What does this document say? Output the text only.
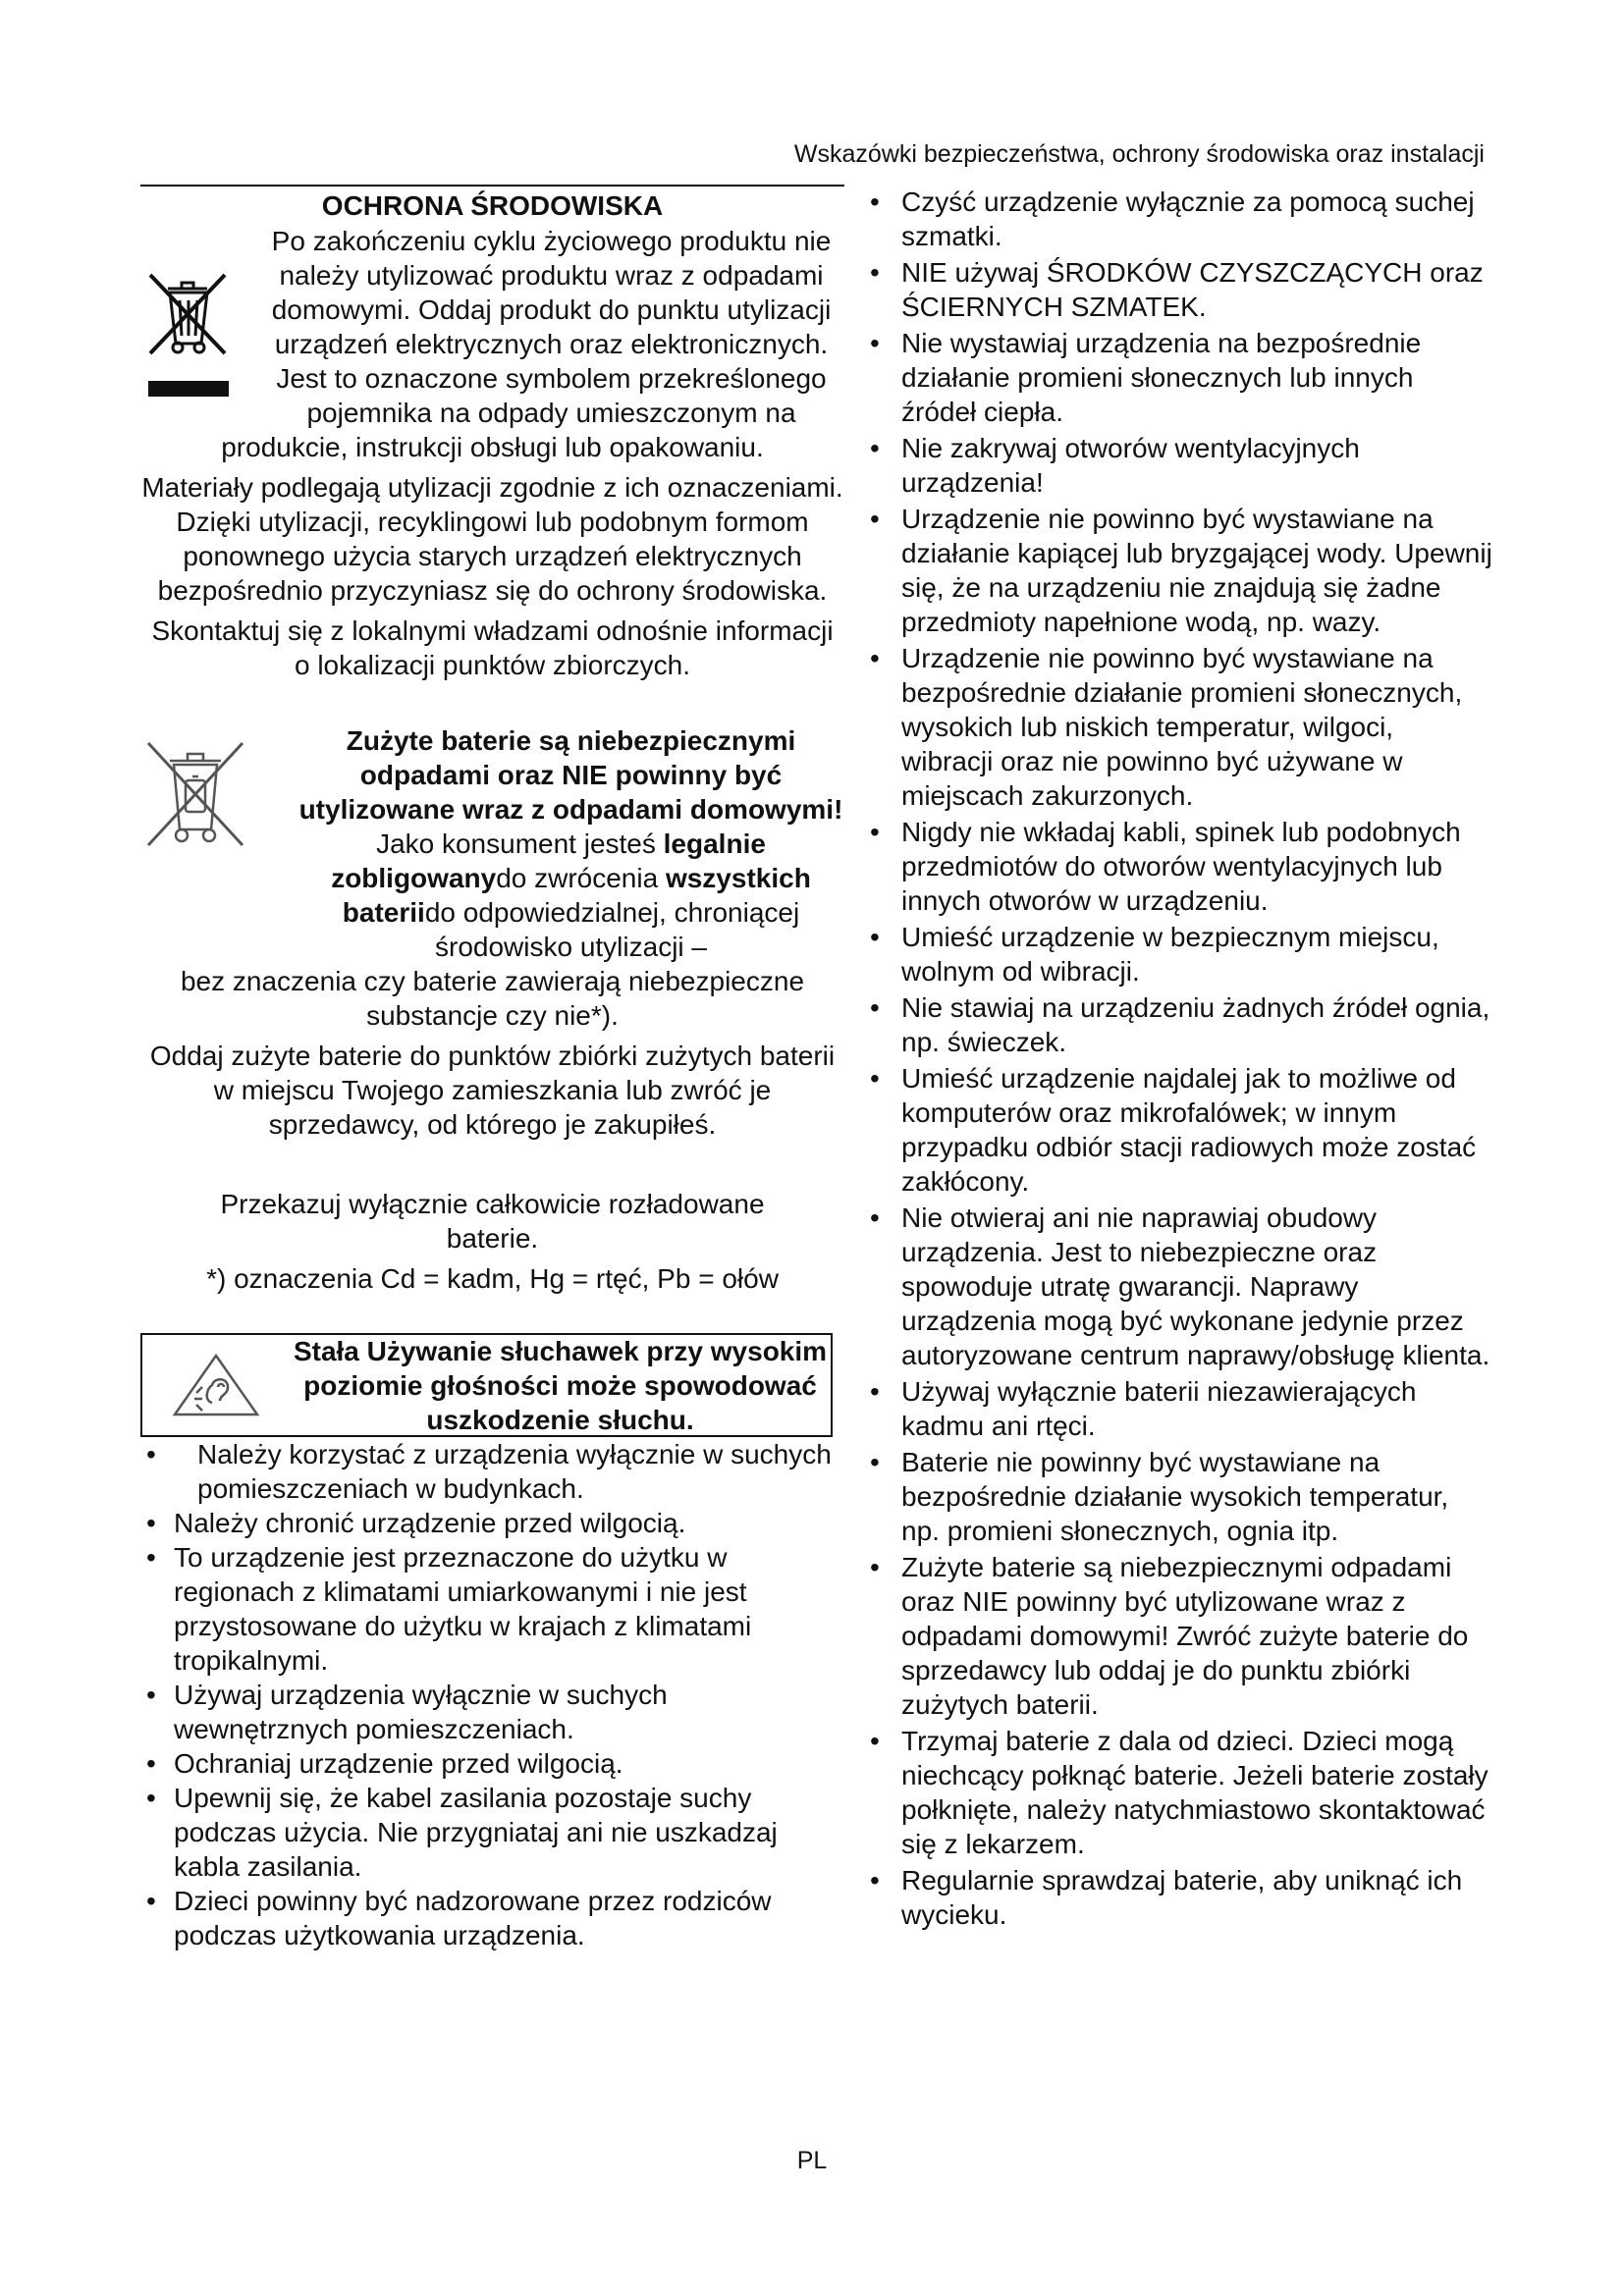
Wskazówki bezpieczeństwa, ochrony środowiska oraz instalacji
OCHRONA ŚRODOWISKA
Po zakończeniu cyklu życiowego produktu nie należy utylizować produktu wraz z odpadami domowymi. Oddaj produkt do punktu utylizacji urządzeń elektrycznych oraz elektronicznych. Jest to oznaczone symbolem przekreślonego pojemnika na odpady umieszczonym na

produkcie, instrukcji obsługi lub opakowaniu.

Materiały podlegają utylizacji zgodnie z ich oznaczeniami. Dzięki utylizacji, recyklingowi lub podobnym formom ponownego użycia starych urządzeń elektrycznych bezpośrednio przyczyniasz się do ochrony środowiska.

Skontaktuj się z lokalnymi władzami odnośnie informacji o lokalizacji punktów zbiorczych.

Zużyte baterie są niebezpiecznymi odpadami oraz NIE powinny być utylizowane wraz z odpadami domowymi! Jako konsument jesteś legalnie zobligowanydo zwrócenia wszystkich bateriido odpowiedzialnej, chroniącej środowisko utylizacji –

bez znaczenia czy baterie zawierają niebezpieczne substancje czy nie*).

Oddaj zużyte baterie do punktów zbiórki zużytych baterii w miejscu Twojego zamieszkania lub zwróć je sprzedawcy, od którego je zakupiłeś.

Przekazuj wyłącznie całkowicie rozładowane baterie.

*) oznaczenia Cd = kadm, Hg = rtęć, Pb = ołów

Stała Używanie słuchawek przy wysokim poziomie głośności może spowodować uszkodzenie słuchu.
• Należy korzystać z urządzenia wyłącznie w suchych pomieszczeniach w budynkach.
• Należy chronić urządzenie przed wilgocią.
• To urządzenie jest przeznaczone do użytku w regionach z klimatami umiarkowanymi i nie jest przystosowane do użytku w krajach z klimatami tropikalnymi.
• Używaj urządzenia wyłącznie w suchych wewnętrznych pomieszczeniach.
• Ochraniaj urządzenie przed wilgocią.
• Upewnij się, że kabel zasilania pozostaje suchy podczas użycia. Nie przygniataj ani nie uszkadzaj kabla zasilania.
• Dzieci powinny być nadzorowane przez rodziców podczas użytkowania urządzenia.
• Czyść urządzenie wyłącznie za pomocą suchej szmatki.
• NIE używaj ŚRODKÓW CZYSZCZĄCYCH oraz ŚCIERNYCH SZMATEK.
• Nie wystawiaj urządzenia na bezpośrednie działanie promieni słonecznych lub innych źródeł ciepła.
• Nie zakrywaj otworów wentylacyjnych urządzenia!
• Urządzenie nie powinno być wystawiane na działanie kapiącej lub bryzgającej wody. Upewnij się, że na urządzeniu nie znajdują się żadne przedmioty napełnione wodą, np. wazy.
• Urządzenie nie powinno być wystawiane na bezpośrednie działanie promieni słonecznych, wysokich lub niskich temperatur, wilgoci, wibracji oraz nie powinno być używane w miejscach zakurzonych.
• Nigdy nie wkładaj kabli, spinek lub podobnych przedmiotów do otworów wentylacyjnych lub innych otworów w urządzeniu.
• Umieść urządzenie w bezpiecznym miejscu, wolnym od wibracji.
• Nie stawiaj na urządzeniu żadnych źródeł ognia, np. świeczek.
• Umieść urządzenie najdalej jak to możliwe od komputerów oraz mikrofalówek; w innym przypadku odbiór stacji radiowych może zostać zakłócony.
• Nie otwieraj ani nie naprawiaj obudowy urządzenia. Jest to niebezpieczne oraz spowoduje utratę gwarancji. Naprawy urządzenia mogą być wykonane jedynie przez autoryzowane centrum naprawy/obsługę klienta.
• Używaj wyłącznie baterii niezawierających kadmu ani rtęci.
• Baterie nie powinny być wystawiane na bezpośrednie działanie wysokich temperatur, np. promieni słonecznych, ognia itp.
• Zużyte baterie są niebezpiecznymi odpadami oraz NIE powinny być utylizowane wraz z odpadami domowymi! Zwróć zużyte baterie do sprzedawcy lub oddaj je do punktu zbiórki zużytych baterii.
• Trzymaj baterie z dala od dzieci. Dzieci mogą niechcący połknąć baterie. Jeżeli baterie zostały połknięte, należy natychmiastowo skontaktować się z lekarzem.
• Regularnie sprawdzaj baterie, aby uniknąć ich wycieku.
PL
